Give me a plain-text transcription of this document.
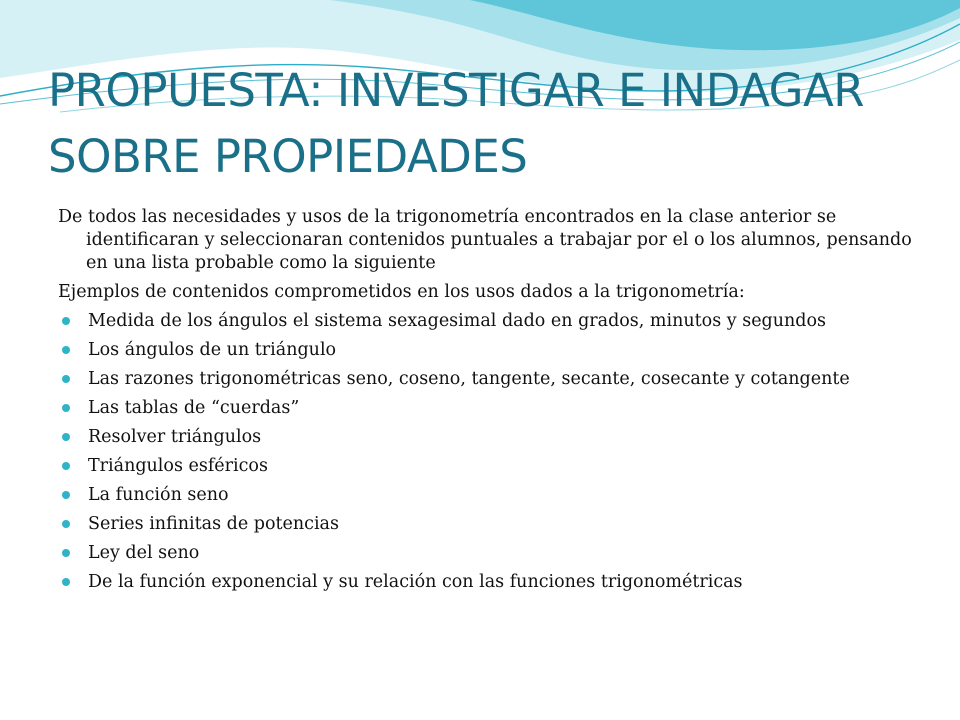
PROPUESTA: INVESTIGAR E INDAGAR SOBRE PROPIEDADES

De todos las necesidades y usos de la trigonometría encontrados en la clase anterior se identificaran y seleccionaran contenidos puntuales a trabajar por el o los alumnos, pensando en una lista probable como la siguiente

Ejemplos de contenidos comprometidos en los usos dados a la trigonometría:

Medida de los ángulos el sistema sexagesimal dado en grados, minutos y segundos
Los ángulos de un triángulo
Las razones trigonométricas seno, coseno, tangente, secante, cosecante y cotangente
Las tablas de “cuerdas”
Resolver triángulos
Triángulos esféricos
La función seno
Series infinitas de potencias
Ley del seno
De la función exponencial y su relación con las funciones trigonométricas
